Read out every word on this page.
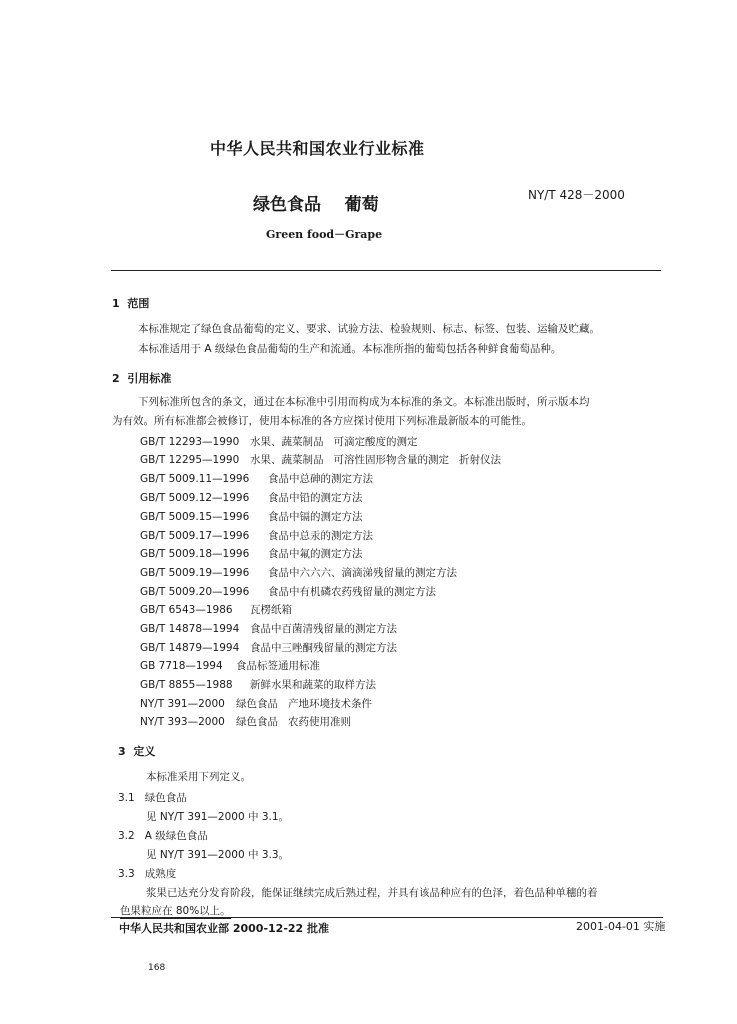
中华人民共和国农业行业标准
绿色食品    葡萄	NY/T 428－2000
Green food－Grape
1  范围
本标准规定了绿色食品葡萄的定义、要求、试验方法、检验规则、标志、标签、包装、运输及贮藏。
本标准适用于 A 级绿色食品葡萄的生产和流通。本标准所指的葡萄包括各种鲜食葡萄品种。
2  引用标准
下列标准所包含的条文，通过在本标准中引用而构成为本标准的条文。本标准出版时，所示版本均
为有效。所有标准都会被修订，使用本标准的各方应探讨使用下列标准最新版本的可能性。
GB/T 12293—1990 水果、蔬菜制品   可滴定酸度的测定
GB/T 12295—1990 水果、蔬菜制品   可溶性固形物含量的测定   折射仪法
GB/T 5009.11—1996 食品中总砷的测定方法
GB/T 5009.12—1996 食品中铅的测定方法
GB/T 5009.15—1996 食品中镉的测定方法
GB/T 5009.17—1996 食品中总汞的测定方法
GB/T 5009.18—1996 食品中氟的测定方法
GB/T 5009.19—1996 食品中六六六、滴滴涕残留量的测定方法
GB/T 5009.20—1996 食品中有机磷农药残留量的测定方法
GB/T 6543—1986 瓦楞纸箱
GB/T 14878—1994 食品中百菌清残留量的测定方法
GB/T 14879—1994 食品中三唑酮残留量的测定方法
GB 7718—1994 食品标签通用标准
GB/T 8855—1988 新鲜水果和蔬菜的取样方法
NY/T 391—2000 绿色食品   产地环境技术条件
NY/T 393—2000 绿色食品   农药使用准则
3  定义
本标准采用下列定义。
3.1   绿色食品
见 NY/T 391—2000 中 3.1。
3.2   A 级绿色食品
见 NY/T 391—2000 中 3.3。
3.3   成熟度
浆果已达充分发育阶段，能保证继续完成后熟过程，并具有该品种应有的色泽，着色品种单穗的着
色果粒应在 80%以上。
中华人民共和国农业部 2000-12-22 批准	2001-04-01 实施
168
